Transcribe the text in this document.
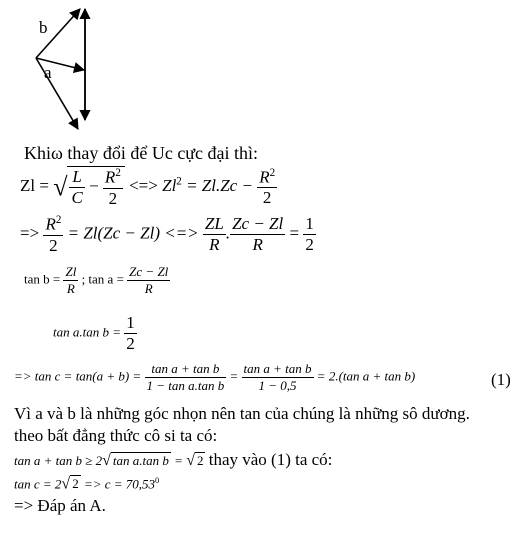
b
a
Khiω thay đổi để Uc cực đại thì:
Zl = √ $\frac{L}{C} - \frac{R^2}{2}$ <=> $Zl^2 = Zl.Zc - \frac{R^2}{2}$
=> $\frac{R^2}{2} = Zl(Zc - Zl)$ <=> $\frac{ZL}{R}$ . $\frac{Zc - Zl}{R} = \frac{1}{2}$
$\tan b = \frac{Zl}{R}$ ; $\tan a = \frac{Zc - Zl}{R}$
tan a.tan $b = \frac{1}{2}$
=> $\tan c = \tan(a + b) = \frac{\text{tan a + tan b}}{\text{1 − tan a.tan b}} = \frac{\text{tan a + tan b}}{1 - 0,5} = 2.(\tan$ a + tan b)	(1)
Vì a và b là những góc nhọn nên tan của chúng là những sô dương.
theo bất đẳng thức cô si ta có:
tan a + tan b ≥ 2√ tan a.tan b = √ 2 thay vào (1) ta có:
tan c = 2√ $2 => c = 70,53^0$
=> Đáp án A.
